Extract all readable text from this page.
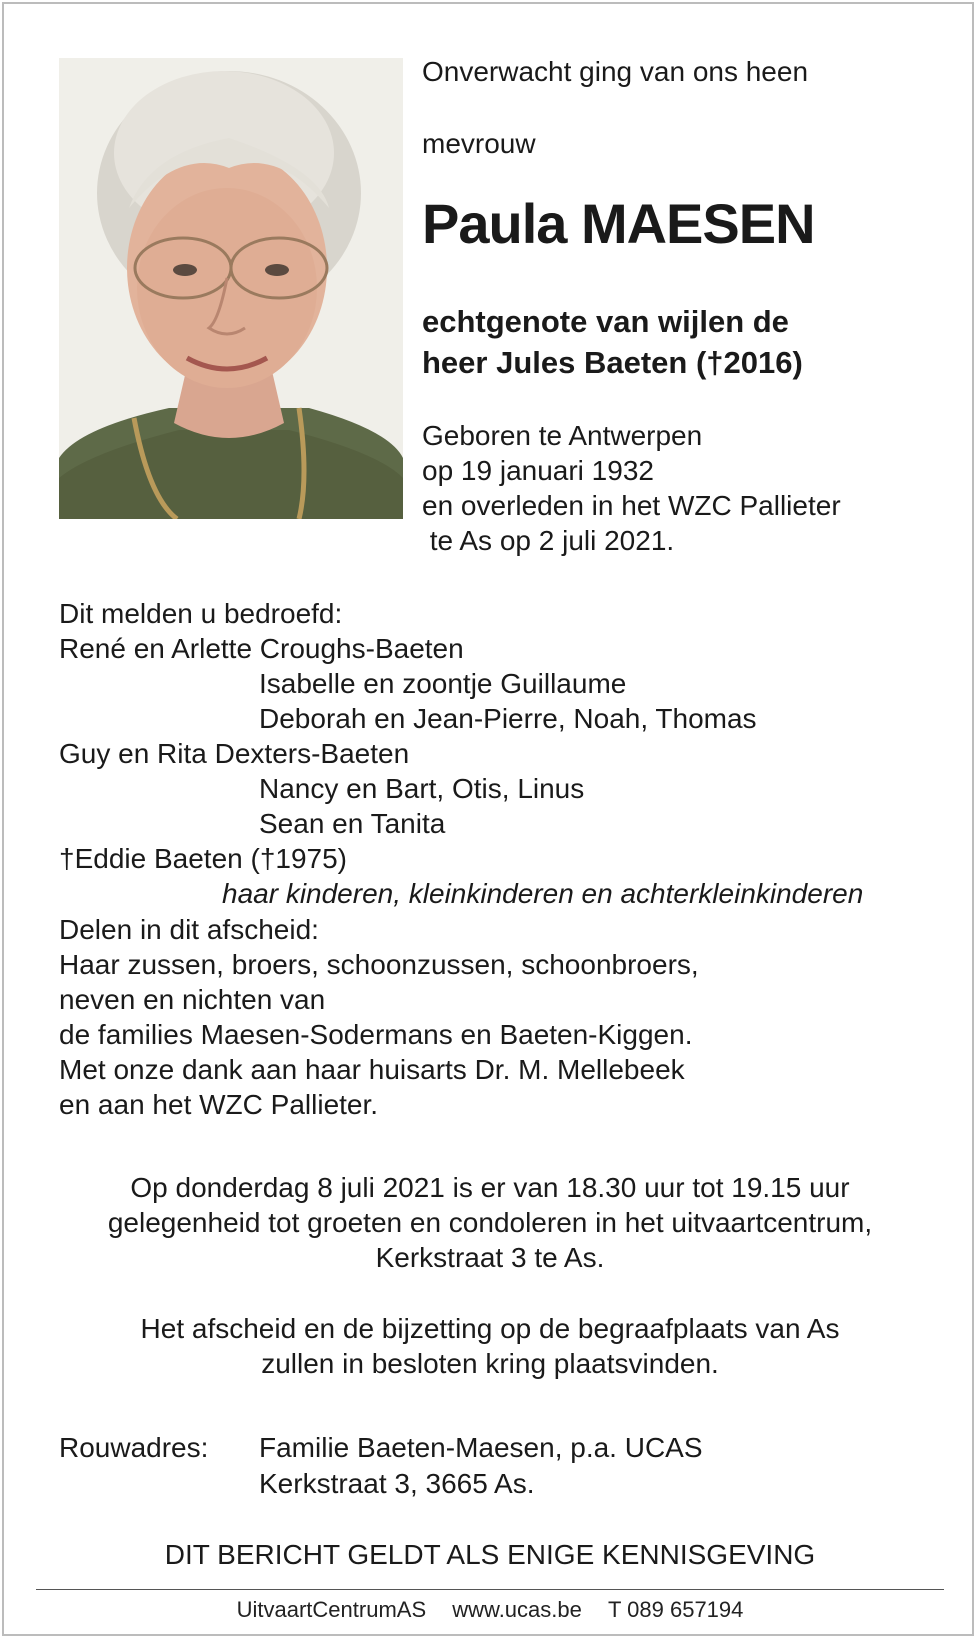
Onverwacht ging van ons heen
mevrouw
Paula MAESEN
echtgenote van wijlen de
heer Jules Baeten (†2016)
Geboren te Antwerpen
op 19 januari 1932
en overleden in het WZC Pallieter
te As op 2 juli 2021.
Dit melden u bedroefd:
René en Arlette Croughs-Baeten
Isabelle en zoontje Guillaume
Deborah en Jean-Pierre, Noah, Thomas
Guy en Rita Dexters-Baeten
Nancy en Bart, Otis, Linus
Sean en Tanita
†Eddie Baeten (†1975)
haar kinderen, kleinkinderen en achterkleinkinderen
Delen in dit afscheid:
Haar zussen, broers, schoonzussen, schoonbroers,
neven en nichten van
de families Maesen-Sodermans en Baeten-Kiggen.
Met onze dank aan haar huisarts Dr. M. Mellebeek
en aan het WZC Pallieter.
Op donderdag 8 juli 2021 is er van 18.30 uur tot 19.15 uur
gelegenheid tot groeten en condoleren in het uitvaartcentrum,
Kerkstraat 3 te As.
Het afscheid en de bijzetting op de begraafplaats van As
zullen in besloten kring plaatsvinden.
Rouwadres: Familie Baeten-Maesen, p.a. UCAS
Kerkstraat 3, 3665 As.
DIT BERICHT GELDT ALS ENIGE KENNISGEVING
UitvaartCentrumAS www.ucas.be T 089 657194
